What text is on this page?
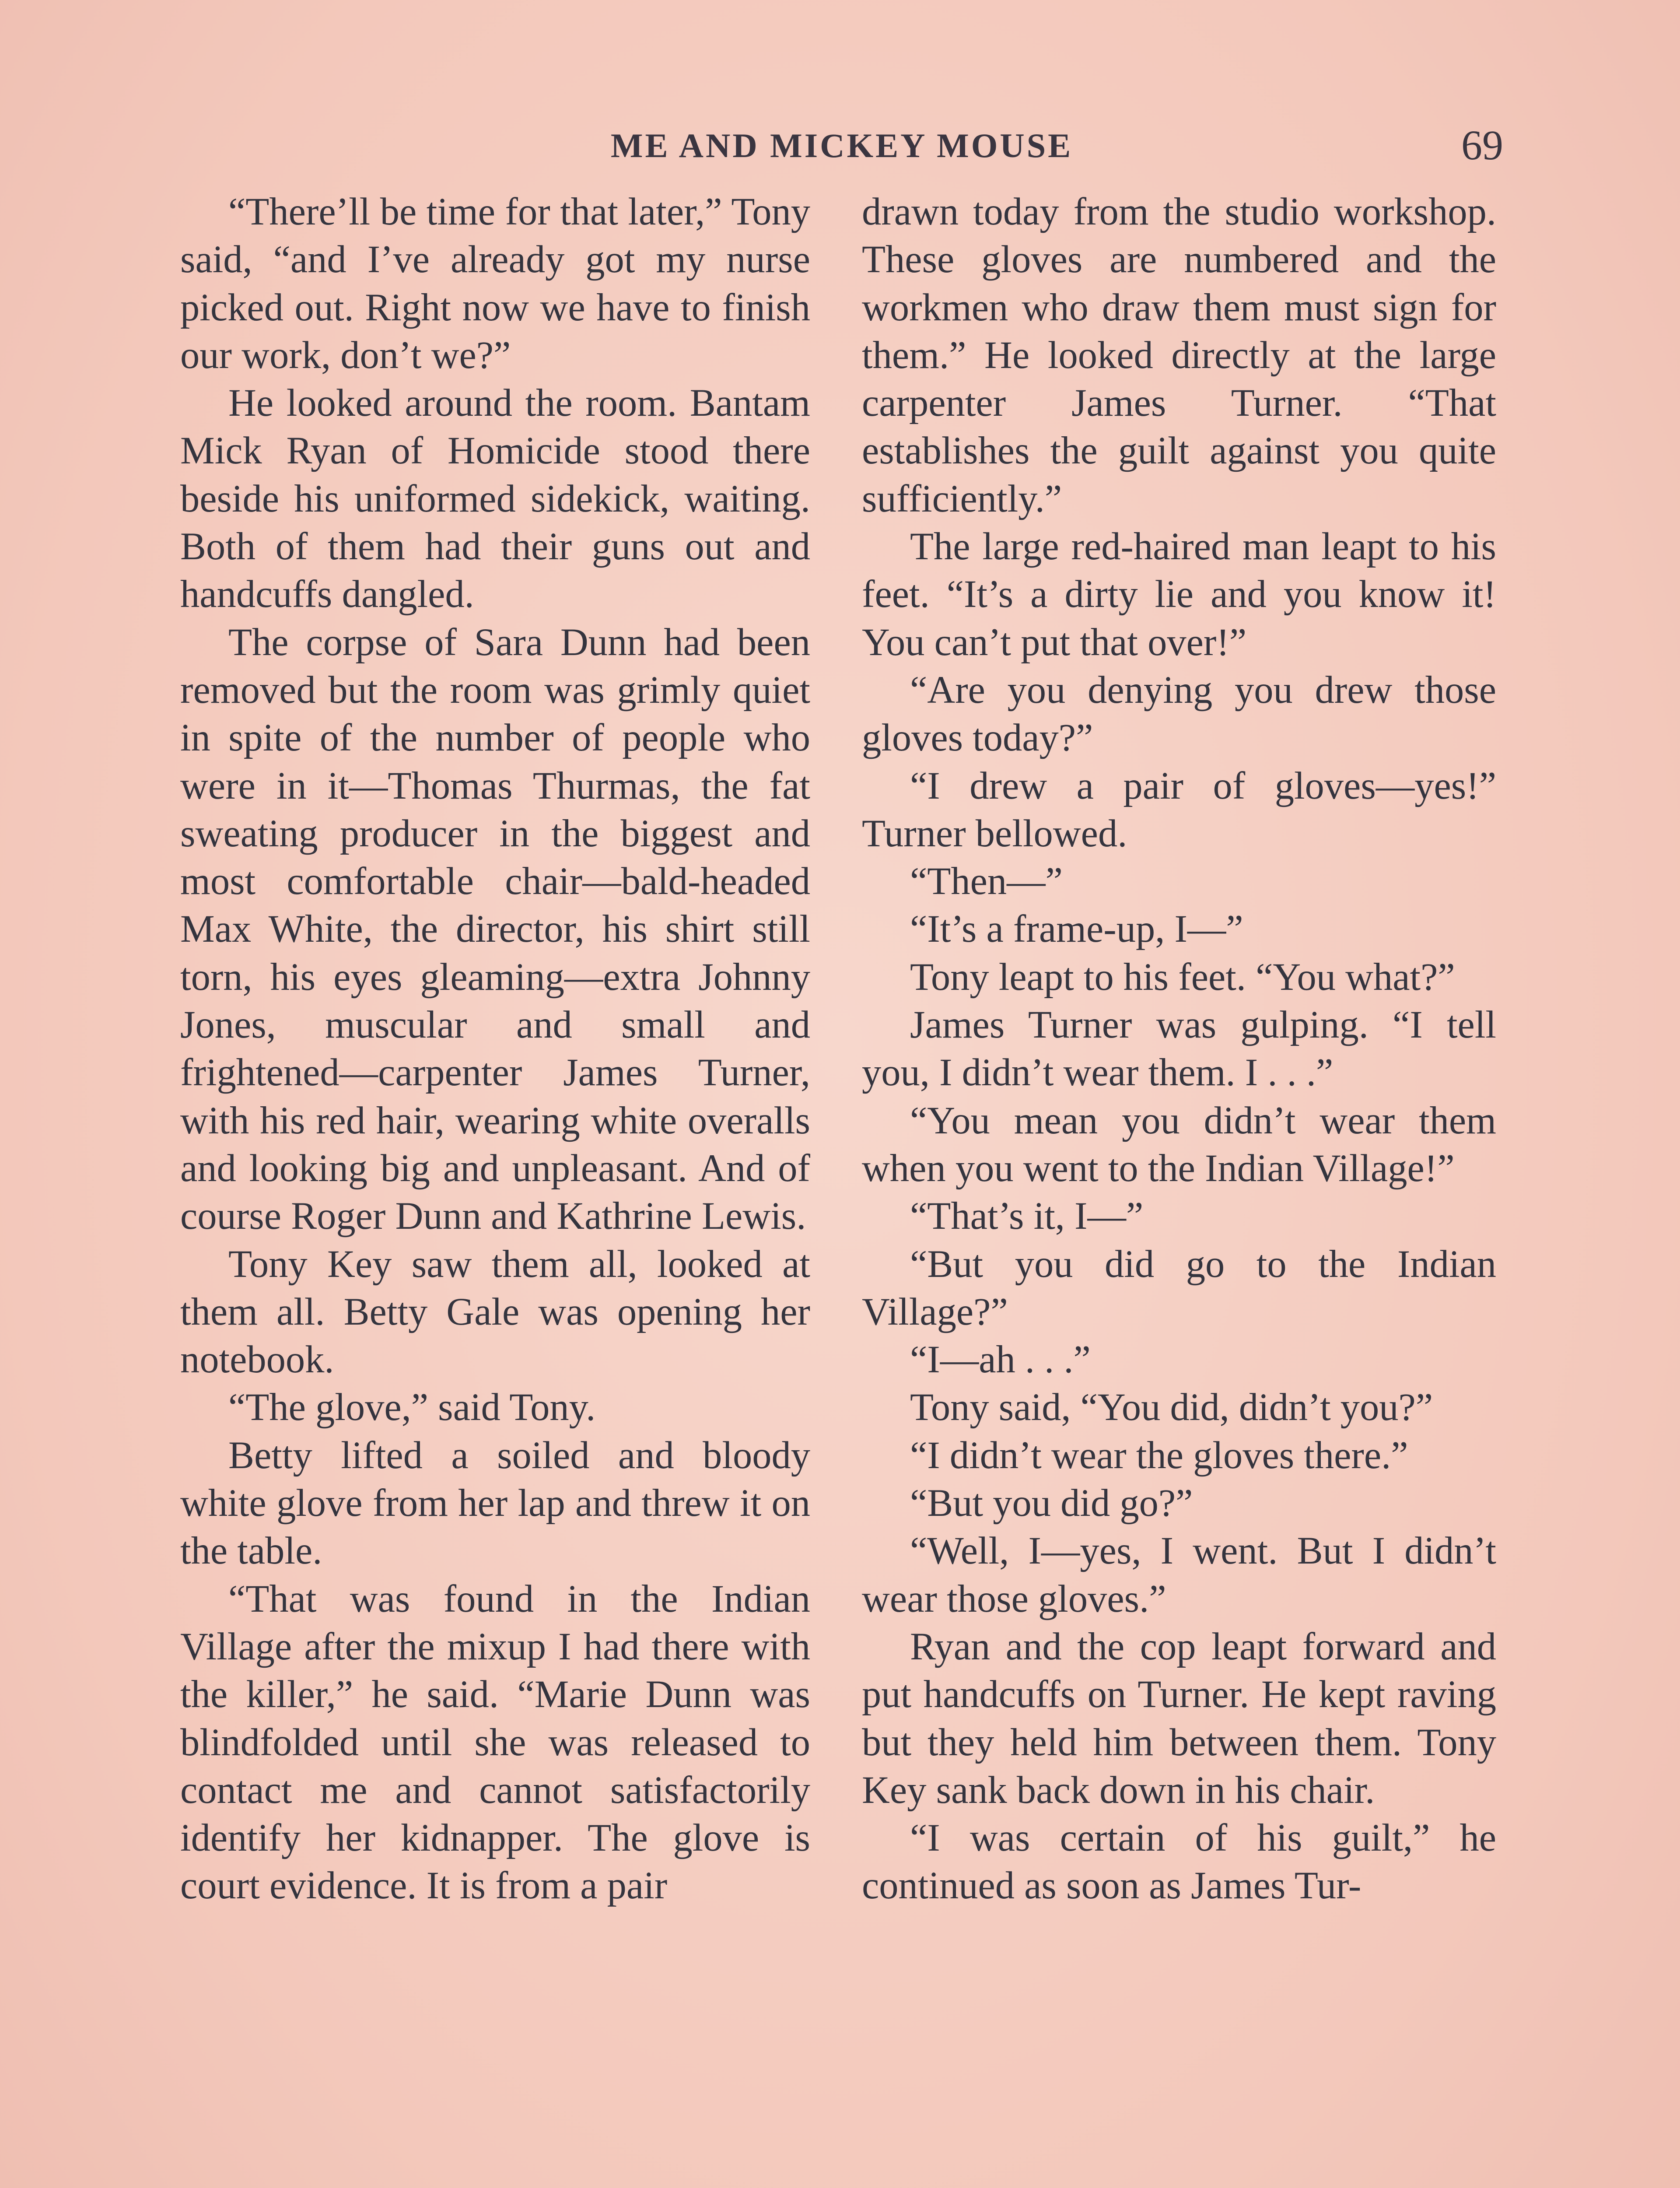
ME AND MICKEY MOUSE	69

“There’ll be time for that later,” Tony said, “and I’ve already got my nurse picked out. Right now we have to finish our work, don’t we?”

He looked around the room. Bantam Mick Ryan of Homicide stood there beside his uniformed sidekick, waiting. Both of them had their guns out and handcuffs dangled.

The corpse of Sara Dunn had been removed but the room was grimly quiet in spite of the number of people who were in it—Thomas Thurmas, the fat sweating producer in the biggest and most comfortable chair—bald-headed Max White, the director, his shirt still torn, his eyes gleaming—extra Johnny Jones, muscular and small and frightened—carpenter James Turner, with his red hair, wearing white overalls and looking big and unpleasant. And of course Roger Dunn and Kathrine Lewis.

Tony Key saw them all, looked at them all. Betty Gale was opening her notebook.

“The glove,” said Tony.

Betty lifted a soiled and bloody white glove from her lap and threw it on the table.

“That was found in the Indian Village after the mixup I had there with the killer,” he said. “Marie Dunn was blindfolded until she was released to contact me and cannot satisfactorily identify her kidnapper. The glove is court evidence. It is from a pair

drawn today from the studio workshop. These gloves are numbered and the workmen who draw them must sign for them.” He looked directly at the large carpenter James Turner. “That establishes the guilt against you quite sufficiently.”

The large red-haired man leapt to his feet. “It’s a dirty lie and you know it! You can’t put that over!”

“Are you denying you drew those gloves today?”

“I drew a pair of gloves—yes!” Turner bellowed.

“Then—”

“It’s a frame-up, I—”

Tony leapt to his feet. “You what?”

James Turner was gulping. “I tell you, I didn’t wear them. I . . .”

“You mean you didn’t wear them when you went to the Indian Village!”

“That’s it, I—”

“But you did go to the Indian Village?”

“I—ah . . .”

Tony said, “You did, didn’t you?”

“I didn’t wear the gloves there.”

“But you did go?”

“Well, I—yes, I went. But I didn’t wear those gloves.”

Ryan and the cop leapt forward and put handcuffs on Turner. He kept raving but they held him between them. Tony Key sank back down in his chair.

“I was certain of his guilt,” he continued as soon as James Tur-
